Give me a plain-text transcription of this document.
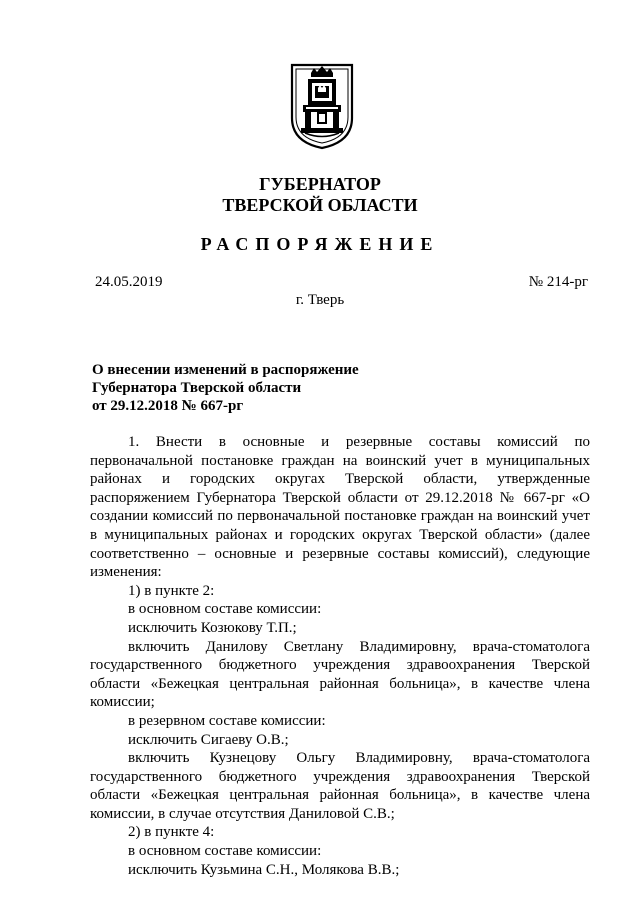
ГУБЕРНАТОР
ТВЕРСКОЙ ОБЛАСТИ
РАСПОРЯЖЕНИЕ
24.05.2019	№ 214-рг
г. Тверь
О внесении изменений в распоряжение
Губернатора Тверской области
от 29.12.2018 № 667-рг
1. Внести в основные и резервные составы комиссий по первоначальной постановке граждан на воинский учет в муниципальных районах и городских округах Тверской области, утвержденные распоряжением Губернатора Тверской области от 29.12.2018 № 667-рг «О создании комиссий по первоначальной постановке граждан на воинский учет в муниципальных районах и городских округах Тверской области» (далее соответственно – основные и резервные составы комиссий), следующие изменения:
1) в пункте 2:
в основном составе комиссии:
исключить Козюкову Т.П.;
включить Данилову Светлану Владимировну, врача-стоматолога государственного бюджетного учреждения здравоохранения Тверской области «Бежецкая центральная районная больница», в качестве члена комиссии;
в резервном составе комиссии:
исключить Сигаеву О.В.;
включить Кузнецову Ольгу Владимировну, врача-стоматолога государственного бюджетного учреждения здравоохранения Тверской области «Бежецкая центральная районная больница», в качестве члена комиссии, в случае отсутствия Даниловой С.В.;
2) в пункте 4:
в основном составе комиссии:
исключить Кузьмина С.Н., Молякова В.В.;
